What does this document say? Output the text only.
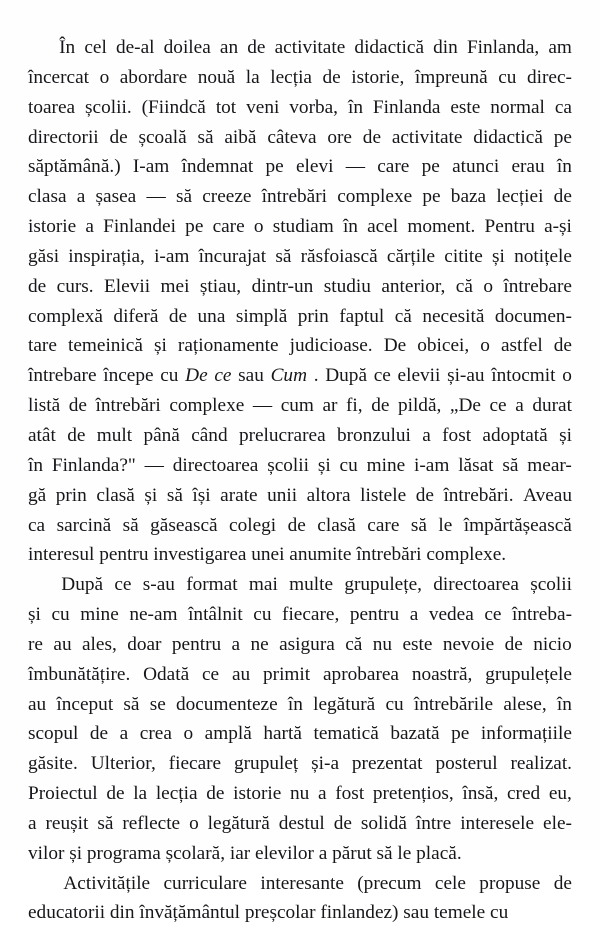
În cel de-al doilea an de activitate didactică din Finlanda, am
încercat o abordare nouă la lecția de istorie, împreună cu direc-
toarea școlii. (Fiindcă tot veni vorba, în Finlanda este normal ca
directorii de școală să aibă câteva ore de activitate didactică pe
săptămână.) I-am îndemnat pe elevi — care pe atunci erau în
clasa a șasea — să creeze întrebări complexe pe baza lecției de
istorie a Finlandei pe care o studiam în acel moment. Pentru a-și
găsi inspirația, i-am încurajat să răsfoiască cărțile citite și notițele
de curs. Elevii mei știau, dintr-un studiu anterior, că o întrebare
complexă diferă de una simplă prin faptul că necesită documen-
tare temeinică și raționamente judicioase. De obicei, o astfel de
întrebare începe cu De ce sau Cum . După ce elevii și-au întocmit o
listă de întrebări complexe — cum ar fi, de pildă, „De ce a durat
atât de mult până când prelucrarea bronzului a fost adoptată și
în Finlanda?" — directoarea școlii și cu mine i-am lăsat să mear-
gă prin clasă și să își arate unii altora listele de întrebări. Aveau
ca sarcină să găsească colegi de clasă care să le împărtășească
interesul pentru investigarea unei anumite întrebări complexe.

După ce s-au format mai multe grupulețe, directoarea școlii
și cu mine ne-am întâlnit cu fiecare, pentru a vedea ce întreba-
re au ales, doar pentru a ne asigura că nu este nevoie de nicio
îmbunătățire. Odată ce au primit aprobarea noastră, grupulețele
au început să se documenteze în legătură cu întrebările alese, în
scopul de a crea o amplă hartă tematică bazată pe informațiile
găsite. Ulterior, fiecare grupuleț și-a prezentat posterul realizat.
Proiectul de la lecția de istorie nu a fost pretențios, însă, cred eu,
a reușit să reflecte o legătură destul de solidă între interesele ele-
vilor și programa școlară, iar elevilor a părut să le placă.

Activitățile curriculare interesante (precum cele propuse de
educatorii din învățământul preșcolar finlandez) sau temele cu
